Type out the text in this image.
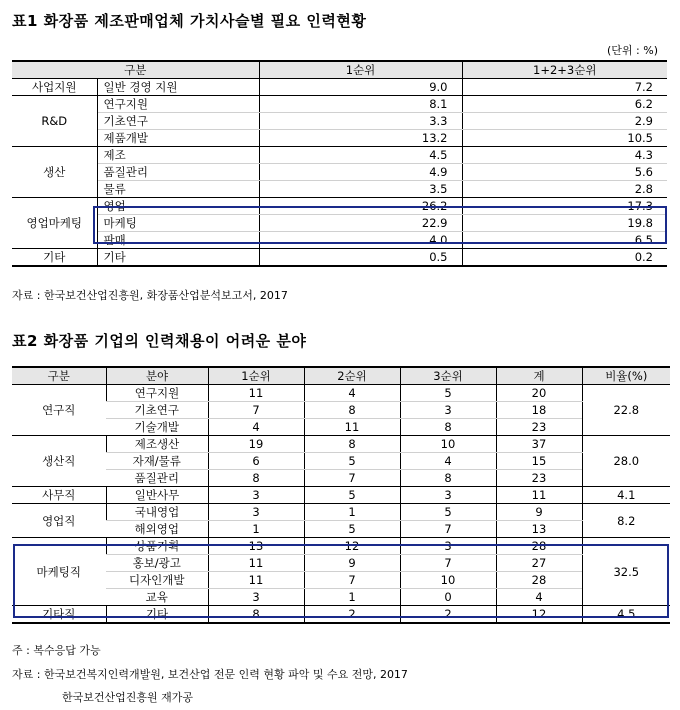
표1 화장품 제조판매업체 가치사슬별 필요 인력현황
(단위 : %)
구분		1순위	1+2+3순위
사업지원	일반 경영 지원	9.0	7.2
R&D	연구지원	8.1	6.2
	기초연구	3.3	2.9
	제품개발	13.2	10.5
생산	제조	4.5	4.3
	품질관리	4.9	5.6
	물류	3.5	2.8
영업마케팅	영업	26.2	17.3
	마케팅	22.9	19.8
	판매	4.0	6.5
기타	기타	0.5	0.2
자료 : 한국보건산업진흥원, 화장품산업분석보고서, 2017
표2 화장품 기업의 인력채용이 어려운 분야
구분	분야	1순위	2순위	3순위	계	비율(%)
연구직	연구지원	11	4	5	20	22.8
	기초연구	7	8	3	18	
	기술개발	4	11	8	23	
생산직	제조생산	19	8	10	37	28.0
	자재/물류	6	5	4	15	
	품질관리	8	7	8	23	
사무직	일반사무	3	5	3	11	4.1
영업직	국내영업	3	1	5	9	8.2
	해외영업	1	5	7	13	
마케팅직	상품기획	13	12	3	28	32.5
	홍보/광고	11	9	7	27	
	디자인개발	11	7	10	28	
	교육	3	1	0	4	
기타직	기타	8	2	2	12	4.5
주 : 복수응답 가능
자료 : 한국보건복지인력개발원, 보건산업 전문 인력 현황 파악 및 수요 전망, 2017
한국보건산업진흥원 재가공
